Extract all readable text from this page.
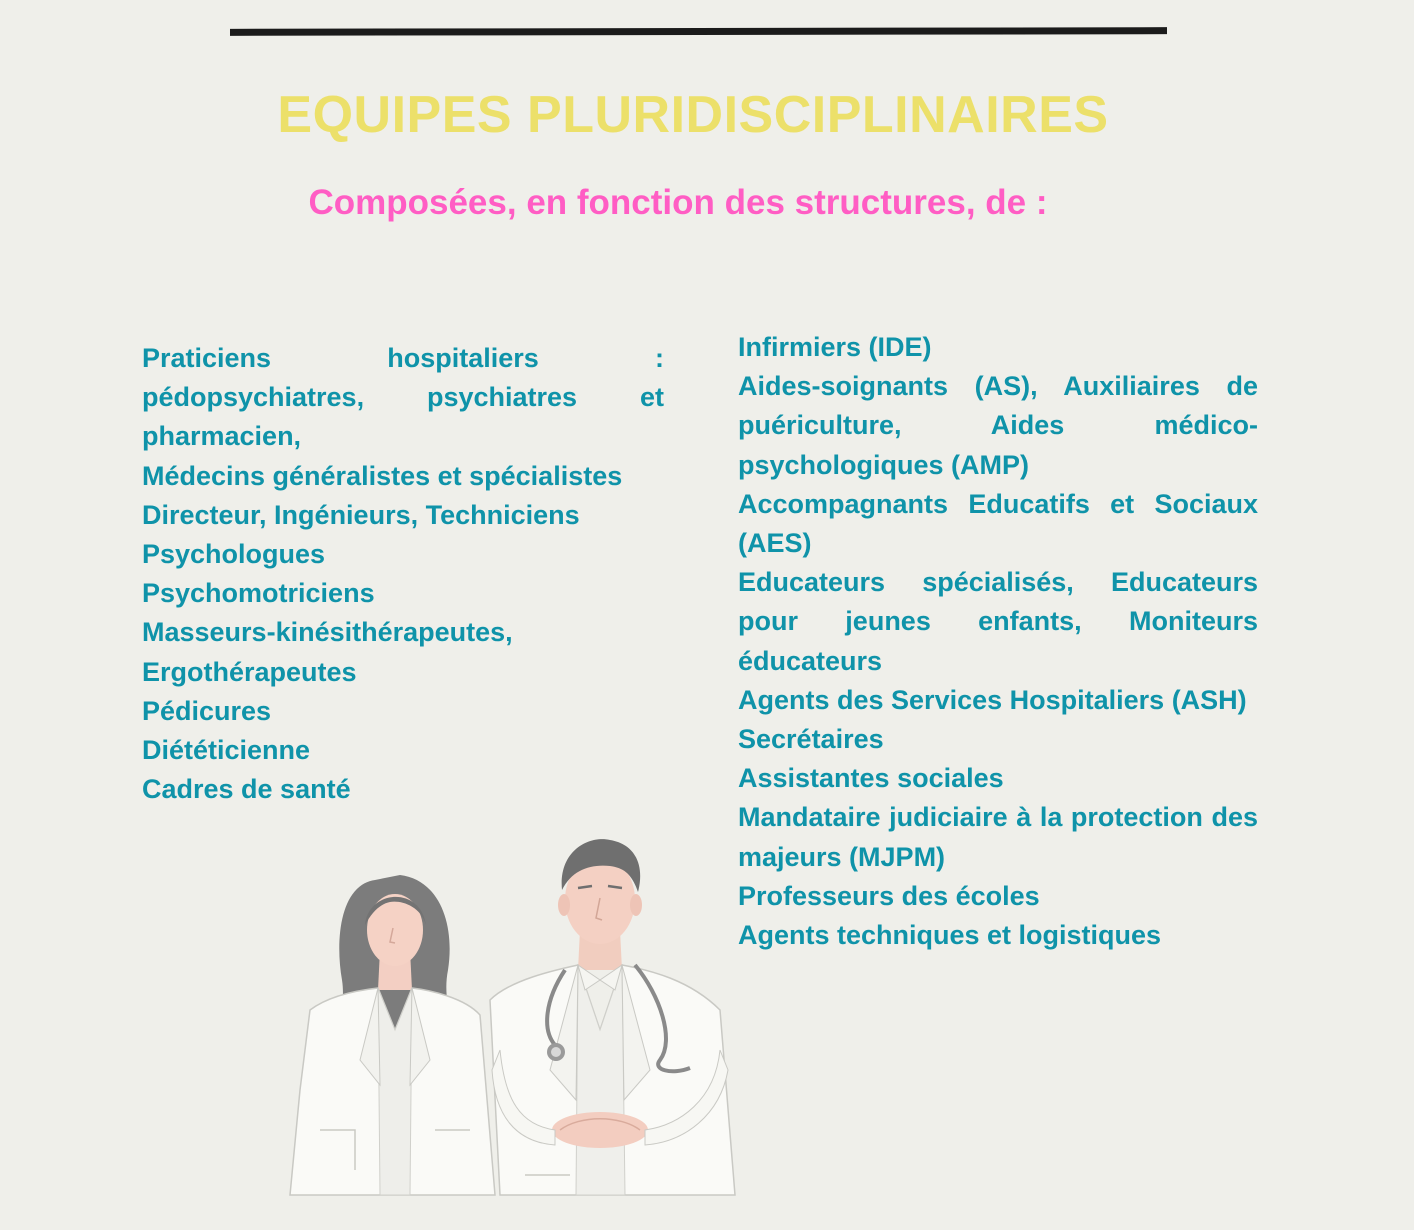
EQUIPES PLURIDISCIPLINAIRES
Composées, en fonction des structures, de :
Praticiens hospitaliers : pédopsychiatres, psychiatres et pharmacien,
Médecins généralistes et spécialistes
Directeur, Ingénieurs, Techniciens
Psychologues
Psychomotriciens
Masseurs-kinésithérapeutes, Ergothérapeutes
Pédicures
Diététicienne
Cadres de santé
Infirmiers (IDE)
Aides-soignants (AS), Auxiliaires de puériculture, Aides médico-psychologiques (AMP)
Accompagnants Educatifs et Sociaux (AES)
Educateurs spécialisés, Educateurs pour jeunes enfants, Moniteurs éducateurs
Agents des Services Hospitaliers (ASH)
Secrétaires
Assistantes sociales
Mandataire judiciaire à la protection des majeurs (MJPM)
Professeurs des écoles
Agents techniques et logistiques
